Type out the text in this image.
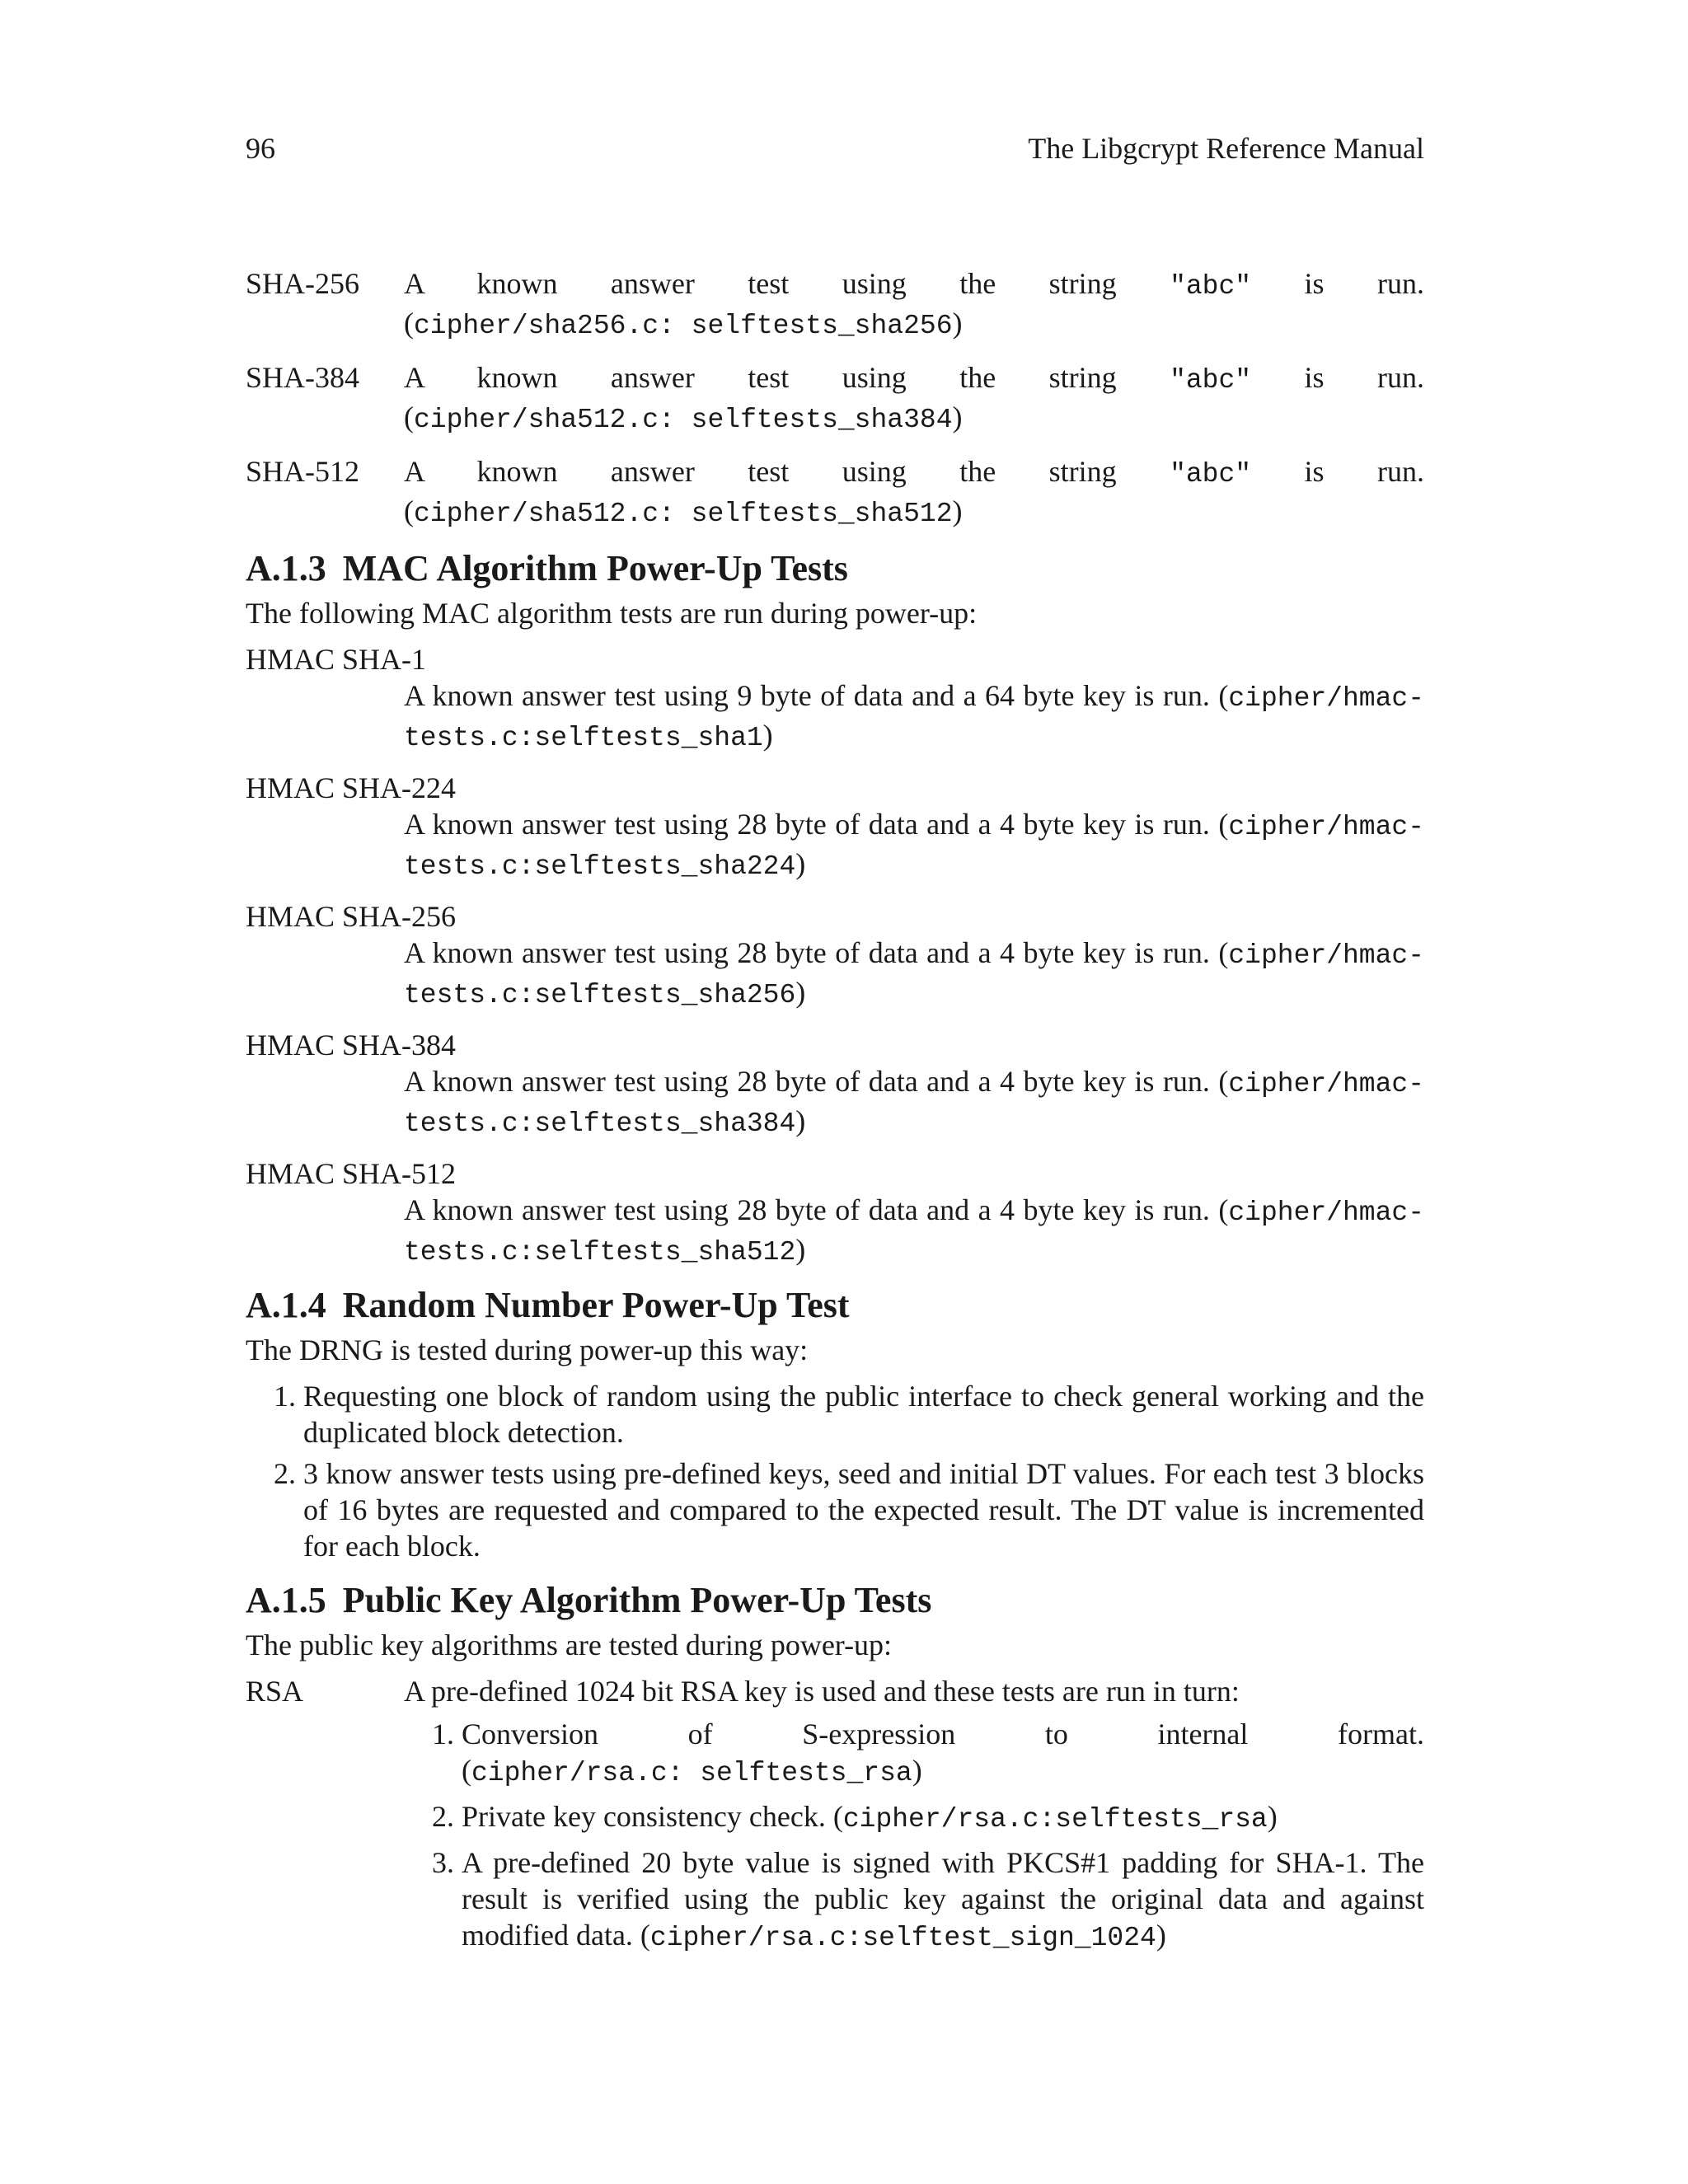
96	The Libgcrypt Reference Manual
SHA-256	A known answer test using the string "abc" is run. (cipher/sha256.c: selftests_sha256)
SHA-384	A known answer test using the string "abc" is run. (cipher/sha512.c: selftests_sha384)
SHA-512	A known answer test using the string "abc" is run. (cipher/sha512.c: selftests_sha512)
A.1.3 MAC Algorithm Power-Up Tests
The following MAC algorithm tests are run during power-up:
HMAC SHA-1
A known answer test using 9 byte of data and a 64 byte key is run. (cipher/hmac-tests.c:selftests_sha1)
HMAC SHA-224
A known answer test using 28 byte of data and a 4 byte key is run. (cipher/hmac-tests.c:selftests_sha224)
HMAC SHA-256
A known answer test using 28 byte of data and a 4 byte key is run. (cipher/hmac-tests.c:selftests_sha256)
HMAC SHA-384
A known answer test using 28 byte of data and a 4 byte key is run. (cipher/hmac-tests.c:selftests_sha384)
HMAC SHA-512
A known answer test using 28 byte of data and a 4 byte key is run. (cipher/hmac-tests.c:selftests_sha512)
A.1.4 Random Number Power-Up Test
The DRNG is tested during power-up this way:
1. Requesting one block of random using the public interface to check general working and the duplicated block detection.
2. 3 know answer tests using pre-defined keys, seed and initial DT values. For each test 3 blocks of 16 bytes are requested and compared to the expected result. The DT value is incremented for each block.
A.1.5 Public Key Algorithm Power-Up Tests
The public key algorithms are tested during power-up:
RSA	A pre-defined 1024 bit RSA key is used and these tests are run in turn:
1. Conversion of S-expression to internal format. (cipher/rsa.c: selftests_rsa)
2. Private key consistency check. (cipher/rsa.c:selftests_rsa)
3. A pre-defined 20 byte value is signed with PKCS#1 padding for SHA-1. The result is verified using the public key against the original data and against modified data. (cipher/rsa.c:selftest_sign_1024)
